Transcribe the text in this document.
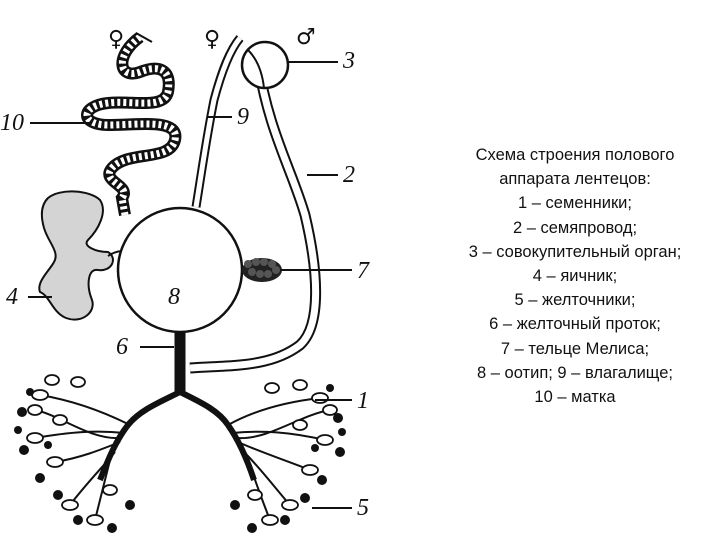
♀	♀	♂
3
2
7
9
10
4	8
6
1
5
Схема строения полового
аппарата лентецов:
1 – семенники;
2 – семяпровод;
3 – совокупительный орган;
4 – яичник;
5 – желточники;
6 – желточный проток;
7 – тельце Мелиса;
8 – оотип; 9 – влагалище;
10 – матка
